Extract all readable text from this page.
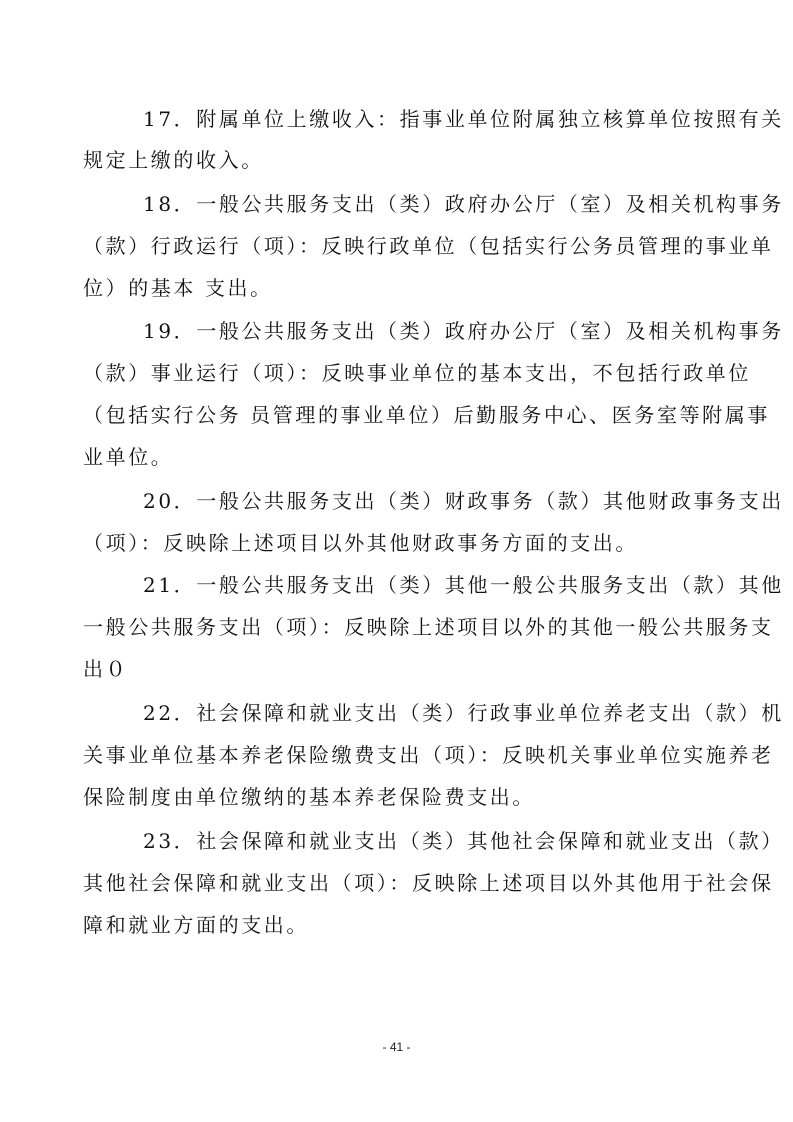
17．附属单位上缴收入：指事业单位附属独立核算单位按照有关
规定上缴的收入。
18．一般公共服务支出（类）政府办公厅（室）及相关机构事务
（款）行政运行（项）：反映行政单位（包括实行公务员管理的事业单
位）的基本 支出。
19．一般公共服务支出（类）政府办公厅（室）及相关机构事务
（款）事业运行（项）：反映事业单位的基本支出，不包括行政单位
（包括实行公务 员管理的事业单位）后勤服务中心、医务室等附属事
业单位。
20．一般公共服务支出（类）财政事务（款）其他财政事务支出
（项）：反映除上述项目以外其他财政事务方面的支出。
21．一般公共服务支出（类）其他一般公共服务支出（款）其他
一般公共服务支出（项）：反映除上述项目以外的其他一般公共服务支
出０
22．社会保障和就业支出（类）行政事业单位养老支出（款）机
关事业单位基本养老保险缴费支出（项）：反映机关事业单位实施养老
保险制度由单位缴纳的基本养老保险费支出。
23．社会保障和就业支出（类）其他社会保障和就业支出（款）
其他社会保障和就业支出（项）：反映除上述项目以外其他用于社会保
障和就业方面的支出。
- 41 -
